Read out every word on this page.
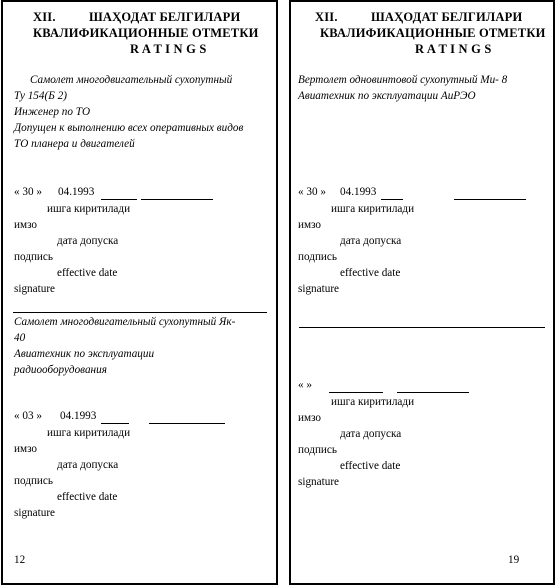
XII.	ШАҲОДАТ БЕЛГИЛАРИ
КВАЛИФИКАЦИОННЫЕ ОТМЕТКИ
R A T I N G S
Самолет многодвигательный сухопутный
Ту 154(Б 2)
Инженер по ТО
Допущен к выполнению всех оперативных видов
ТО планера и двигателей
« 30 » 04.1993
ишга киритилади
имзо
дата допуска
подпись
effective date
signature
Самолет многодвигательный сухопутный Як-
40
Авиатехник по эксплуатации
радиооборудования
« 03 » 04.1993
ишга киритилади
имзо
дата допуска
подпись
effective date
signature
12
XII.	ШАҲОДАТ БЕЛГИЛАРИ
КВАЛИФИКАЦИОННЫЕ ОТМЕТКИ
R A T I N G S
Вертолет одновинтовой сухопутный Ми- 8
Авиатехник по эксплуатации АиРЭО
« 30 » 04.1993
ишга киритилади
имзо
дата допуска
подпись
effective date
signature
« »
ишга киритилади
имзо
дата допуска
подпись
effective date
signature
19
